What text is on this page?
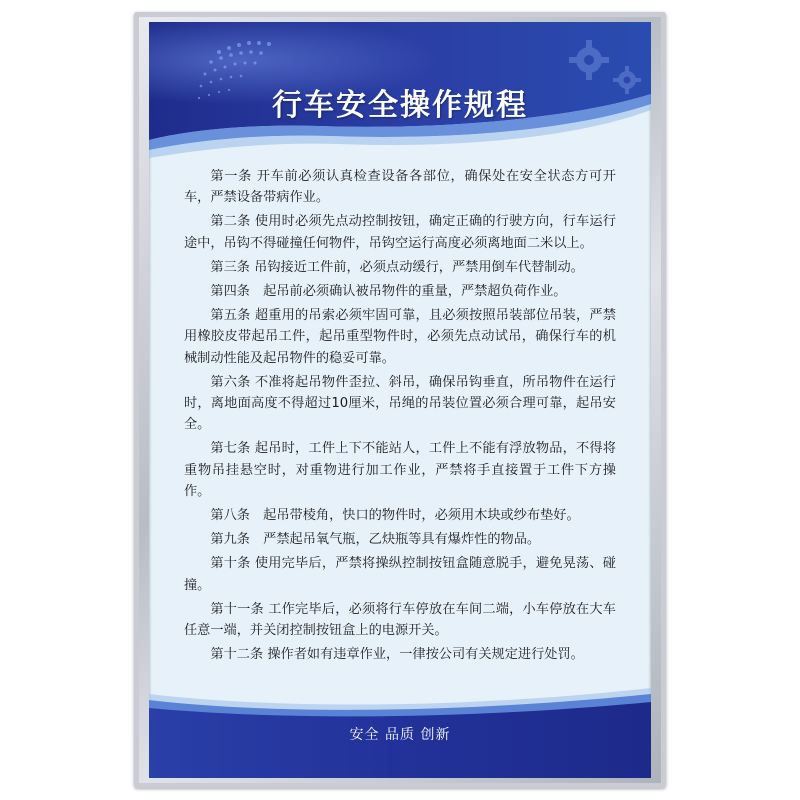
行车安全操作规程

第一条 开车前必须认真检查设备各部位，确保处在安全状态方可开车，严禁设备带病作业。

第二条 使用时必须先点动控制按钮，确定正确的行驶方向，行车运行途中，吊钩不得碰撞任何物件，吊钩空运行高度必须离地面二米以上。

第三条 吊钩接近工件前，必须点动缓行，严禁用倒车代替制动。

第四条　起吊前必须确认被吊物件的重量，严禁超负荷作业。

第五条 超重用的吊索必须牢固可靠，且必须按照吊装部位吊装，严禁用橡胶皮带起吊工件，起吊重型物件时，必须先点动试吊，确保行车的机械制动性能及起吊物件的稳妥可靠。

第六条 不准将起吊物件歪拉、斜吊，确保吊钩垂直，所吊物件在运行时，离地面高度不得超过10厘米，吊绳的吊装位置必须合理可靠，起吊安全。

第七条 起吊时，工件上下不能站人，工件上不能有浮放物品，不得将重物吊挂悬空时，对重物进行加工作业，严禁将手直接置于工件下方操作。

第八条　起吊带棱角，快口的物件时，必须用木块或纱布垫好。

第九条　严禁起吊氧气瓶，乙炔瓶等具有爆炸性的物品。

第十条 使用完毕后，严禁将操纵控制按钮盒随意脱手，避免晃荡、碰撞。

第十一条 工作完毕后，必须将行车停放在车间二端，小车停放在大车任意一端，并关闭控制按钮盒上的电源开关。

第十二条 操作者如有违章作业，一律按公司有关规定进行处罚。

安全 品质 创新
